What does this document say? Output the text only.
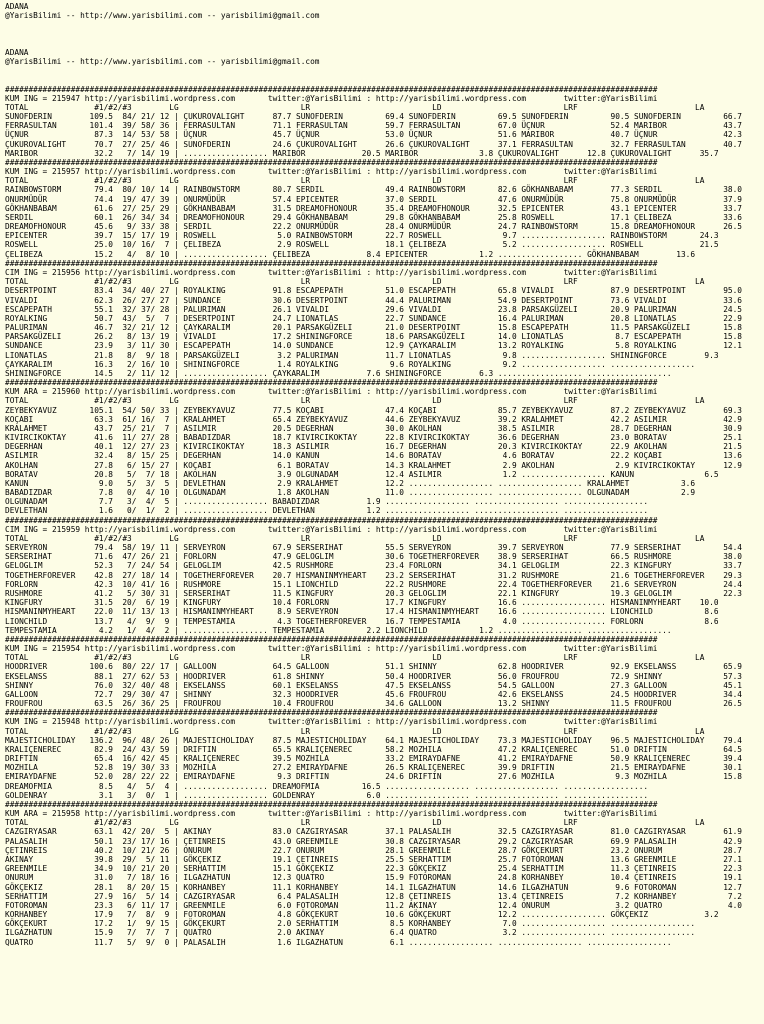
ADANA
@YarisBilimi -- http://www.yarisbilimi.com -- yarisbilimi@gmail.com

ADANA
@YarisBilimi -- http://www.yarisbilimi.com -- yarisbilimi@gmail.com

###########################################################################################################################################
KUM ING = 215947 http://yarisbilimi.wordpress.com       twitter:@YarisBilimi : http://yarisbilimi.wordpress.com        twitter:@YarisBilimi
TOTAL              #1/#2/#3        LG                          LR                          LD                          LRF                         LA
SUNOFDERIN        109.5  84/ 21/ 12 | ÇUKUROVALIGHT      87.7 SUNOFDERIN         69.4 SUNOFDERIN         69.5 SUNOFDERIN         90.5 SUNOFDERIN         66.7
FERRASULTAN       101.4  39/ 58/ 36 | FERRASULTAN        71.1 FERRASULTAN        59.7 FERRASULTAN        67.0 ÜÇNUR              52.4 MARIBOR            43.7
ÜÇNUR              87.3  14/ 53/ 58 | ÜÇNUR              45.7 ÜÇNUR              53.0 ÜÇNUR              51.6 MARIBOR            40.7 ÜÇNUR              42.3
ÇUKUROVALIGHT      70.7  27/ 25/ 46 | SUNOFDERIN         24.6 ÇUKUROVALIGHT      26.6 ÇUKUROVALIGHT      37.1 FERRASULTAN        32.7 FERRASULTAN        40.7
MARIBOR            32.2   7/ 14/ 19 | .................. MARIBOR            20.5 MARIBOR             3.8 ÇUKUROVALIGHT      12.8 ÇUKUROVALIGHT      35.7
###########################################################################################################################################
KUM ING = 215957 http://yarisbilimi.wordpress.com       twitter:@YarisBilimi : http://yarisbilimi.wordpress.com        twitter:@YarisBilimi
TOTAL              #1/#2/#3        LG                          LR                          LD                          LRF                         LA
RAINBOWSTORM       79.4  80/ 10/ 14 | RAINBOWSTORM       80.7 SERDIL             49.4 RAINBOWSTORM       82.6 GÖKHANBABAM        77.3 SERDIL             38.0
ONURMÜDÜR          74.4  19/ 47/ 39 | ONURMÜDÜR          57.4 EPICENTER          37.0 SERDIL             47.6 ONURMÜDÜR          75.8 ONURMÜDÜR          37.9
GÖKHANBABAM        61.6  27/ 25/ 29 | GÖKHANBABAM        31.5 DREAMOFHONOUR      35.4 DREAMOFHONOUR      32.5 EPICENTER          43.1 EPICENTER          33.7
SERDIL             60.1  26/ 34/ 34 | DREAMOFHONOUR      29.4 GÖKHANBABAM        29.8 GÖKHANBABAM        25.8 ROSWELL            17.1 ÇELIBEZA           33.6
DREAMOFHONOUR      45.6   9/ 33/ 38 | SERDIL             22.2 ONURMÜDÜR          28.4 ONURMÜDÜR          24.7 RAINBOWSTORM       15.8 DREAMOFHONOUR      26.5
EPICENTER          39.7  15/ 17/ 19 | ROSWELL             5.0 RAINBOWSTORM       22.7 ROSWELL             9.7 .................. RAINBOWSTORM       24.3
ROSWELL            25.0  10/ 16/  7 | ÇELIBEZA            2.9 ROSWELL            18.1 ÇELIBEZA            5.2 .................. ROSWELL            21.5
ÇELIBEZA           15.2   4/  8/ 10 | .................. ÇELIBEZA            8.4 EPICENTER           1.2 .................. GÖKHANBABAM        13.6
###########################################################################################################################################
CIM ING = 215956 http://yarisbilimi.wordpress.com       twitter:@YarisBilimi : http://yarisbilimi.wordpress.com        twitter:@YarisBilimi
TOTAL              #1/#2/#3        LG                          LR                          LD                          LRF                         LA
DESERTPOINT        83.4  34/ 40/ 27 | ROYALKING          91.8 ESCAPEPATH         51.0 ESCAPEPATH         65.8 VIVALDI            87.9 DESERTPOINT        95.0
VIVALDI            62.3  26/ 27/ 27 | SUNDANCE           30.6 DESERTPOINT        44.4 PALURIMAN          54.9 DESERTPOINT        73.6 VIVALDI            33.6
ESCAPEPATH         55.1  32/ 37/ 28 | PALURIMAN          26.1 VIVALDI            29.6 VIVALDI            23.8 PARSAKGÜZELI       20.9 PALURIMAN          24.5
ROYALKING          50.7  43/  5/  7 | DESERTPOINT        24.7 LIONATLAS          22.7 SUNDANCE           16.4 PALURIMAN          20.8 LIONATLAS          22.9
PALURIMAN          46.7  32/ 21/ 12 | ÇAYKARALIM         20.1 PARSAKGÜZELI       21.0 DESERTPOINT        15.8 ESCAPEPATH         11.5 PARSAKGÜZELI       15.8
PARSAKGÜZELI       26.2   8/ 13/ 19 | VIVALDI            17.2 SHININGFORCE       18.6 PARSAKGÜZELI       14.0 LIONATLAS           8.7 ESCAPEPATH         15.8
SUNDANCE           23.9   3/ 11/ 30 | ESCAPEPATH         14.0 SUNDANCE           12.9 ÇAYKARALIM         13.2 ROYALKING           5.8 ROYALKING          12.1
LIONATLAS          21.8   8/  9/ 18 | PARSAKGÜZELI        3.2 PALURIMAN          11.7 LIONATLAS           9.8 .................. SHININGFORCE        9.3
ÇAYKARALIM         16.3   2/ 16/ 10 | SHININGFORCE        1.4 ROYALKING           9.6 ROYALKING           9.2 .................. ..................
SHININGFORCE       14.5   2/ 11/ 12 | .................. ÇAYKARALIM          7.6 SHININGFORCE        6.3 .................. ..................
###########################################################################################################################################
KUM ARA = 215960 http://yarisbilimi.wordpress.com       twitter:@YarisBilimi : http://yarisbilimi.wordpress.com        twitter:@YarisBilimi
TOTAL              #1/#2/#3        LG                          LR                          LD                          LRF                         LA
ZEYBEKYAVUZ       105.1  54/ 50/ 33 | ZEYBEKYAVUZ        77.5 KOÇABI             47.4 KOÇABI             85.7 ZEYBEKYAVUZ        87.2 ZEYBEKYAVUZ        69.3
KOÇABI             63.3  61/ 16/  7 | KRALAHMET          65.4 ZEYBEKYAVUZ        44.6 ZEYBEKYAVUZ        39.2 KRALAHMET          42.2 ASILMIR            42.9
KRALAHMET          43.7  25/ 21/  7 | ASILMIR            20.5 DEGERHAN           30.0 AKOLHAN            38.5 ASILMIR            28.7 DEGERHAN           30.9
KIVIRCIKOKTAY      41.6  11/ 27/ 28 | BABADIZDAR         18.7 KIVIRCIKOKTAY      22.8 KIVIRCIKOKTAY      36.6 DEGERHAN           23.0 BORATAV            25.1
DEGERHAN           40.1  12/ 27/ 23 | KIVIRCIKOKTAY      18.3 ASILMIR            16.7 DEGERHAN           20.3 KIVIRCIKOKTAY      22.9 AKOLHAN            21.5
ASILMIR            32.4   8/ 15/ 25 | DEGERHAN           14.0 KANUN              14.6 BORATAV             4.6 BORATAV            22.2 KOÇABI             13.6
AKOLHAN            27.8   6/ 15/ 27 | KOÇABI              6.1 BORATAV            14.3 KRALAHMET           2.9 AKOLHAN             2.9 KIVIRCIKOKTAY      12.9
BORATAV            20.8   5/  7/ 18 | AKOLHAN             3.9 OLGUNADAM          12.4 ASILMIR             1.2 .................. KANUN               6.5
KANUN               9.0   5/  3/  5 | DEVLETHAN           2.9 KRALAHMET          12.2 .................. .................. KRALAHMET           3.6
BABADIZDAR          7.8   0/  4/ 10 | OLGUNADAM           1.8 AKOLHAN            11.0 .................. .................. OLGUNADAM           2.9
OLGUNADAM           7.7   3/  4/  5 | .................. BABADIZDAR          1.9 .................. .................. ..................
DEVLETHAN           1.6   0/  1/  2 | .................. DEVLETHAN           1.2 .................. .................. ..................
###########################################################################################################################################
CIM ING = 215959 http://yarisbilimi.wordpress.com       twitter:@YarisBilimi : http://yarisbilimi.wordpress.com        twitter:@YarisBilimi
TOTAL              #1/#2/#3        LG                          LR                          LD                          LRF                         LA
SERVEYRON          79.4  58/ 19/ 11 | SERVEYRON          67.9 SERSERIHAT         55.5 SERVEYRON          39.7 SERVEYRON          77.9 SERSERIHAT         54.4
SERSERIHAT         71.6  47/ 26/ 21 | FORLORN            47.9 GELOGLIM           30.6 TOGETHERFOREVER    38.9 SERSERIHAT         66.5 RUSHMORE           38.0
GELOGLIM           52.3   7/ 24/ 54 | GELOGLIM           42.5 RUSHMORE           23.4 FORLORN            34.1 GELOGLIM           22.3 KINGFURY           33.7
TOGETHERFOREVER    42.8  27/ 18/ 14 | TOGETHERFOREVER    20.7 HISMANINMYHEART    23.2 SERSERIHAT         31.2 RUSHMORE           21.6 TOGETHERFOREVER    29.3
FORLORN            42.3  10/ 41/ 16 | RUSHMORE           15.1 LIONCHILD          22.2 RUSHMORE           22.4 TOGETHERFOREVER    21.6 SERVEYRON          24.4
RUSHMORE           41.2   5/ 30/ 31 | SERSERIHAT         11.5 KINGFURY           20.3 GELOGLIM           22.1 KINGFURY           19.3 GELOGLIM           22.3
KINGFURY           31.5  20/  6/ 19 | KINGFURY           10.4 FORLORN            17.7 KINGFURY           16.6 .................. HISMANINMYHEART    10.0
HISMANINMYHEART    22.0  11/ 13/ 13 | HISMANINMYHEART     8.9 SERVEYRON          17.4 HISMANINMYHEART    16.6 .................. LIONCHILD           8.6
LIONCHILD          13.7   4/  9/  9 | TEMPESTAMIA         4.3 TOGETHERFOREVER    16.7 TEMPESTAMIA         4.0 .................. FORLORN             8.6
TEMPESTAMIA         4.2   1/  4/  2 | .................. TEMPESTAMIA         2.2 LIONCHILD           1.2 .................. ..................
###########################################################################################################################################
KUM ING = 215954 http://yarisbilimi.wordpress.com       twitter:@YarisBilimi : http://yarisbilimi.wordpress.com        twitter:@YarisBilimi
TOTAL              #1/#2/#3        LG                          LR                          LD                          LRF                         LA
HOODRIVER         100.6  80/ 22/ 17 | GALLOON            64.5 GALLOON            51.1 SHINNY             62.8 HOODRIVER          92.9 EKSELANSS          65.9
EKSELANSS          88.1  27/ 62/ 53 | HOODRIVER          61.8 SHINNY             50.4 HOODRIVER          56.0 FROUFROU           72.9 SHINNY             57.3
SHINNY             76.0  32/ 40/ 48 | EKSELANSS          60.1 EKSELANSS          47.5 EKSELANSS          54.5 GALLOON            27.3 GALLOON            45.1
GALLOON            72.7  29/ 30/ 47 | SHINNY             32.3 HOODRIVER          45.6 FROUFROU           42.6 EKSELANSS          24.5 HOODRIVER          34.4
FROUFROU           63.5  26/ 36/ 25 | FROUFROU           10.4 FROUFROU           34.6 GALLOON            13.2 SHINNY             11.5 FROUFROU           26.5
###########################################################################################################################################
KUM ING = 215948 http://yarisbilimi.wordpress.com       twitter:@YarisBilimi : http://yarisbilimi.wordpress.com        twitter:@YarisBilimi
TOTAL              #1/#2/#3        LG                          LR                          LD                          LRF                         LA
MAJESTICHOLIDAY   136.2  96/ 48/ 26 | MAJESTICHOLIDAY    87.5 MAJESTICHOLIDAY    64.1 MAJESTICHOLIDAY    73.3 MAJESTICHOLIDAY    96.5 MAJESTICHOLIDAY    79.4
KRALIÇENEREC       82.9  24/ 43/ 59 | DRIFTIN            65.5 KRALIÇENEREC       58.2 MOZHILA            47.2 KRALIÇENEREC       51.0 DRIFTIN            64.5
DRIFTIN            65.4  16/ 42/ 45 | KRALIÇENEREC       39.5 MOZHILA            33.2 EMIRAYDAFNE        41.2 EMIRAYDAFNE        50.9 KRALIÇENEREC       39.4
MOZHILA            52.8  19/ 30/ 33 | MOZHILA            27.2 EMIRAYDAFNE        26.5 KRALIÇENEREC       39.9 DRIFTIN            21.5 EMIRAYDAFNE        30.1
EMIRAYDAFNE        52.0  28/ 22/ 22 | EMIRAYDAFNE         9.3 DRIFTIN            24.6 DRIFTIN            27.6 MOZHILA             9.3 MOZHILA            15.8
DREAMOFMIA          8.5   4/  5/  4 | .................. DREAMOFMIA         16.5 .................. .................. ..................
GOLDENRAY           3.1   3/  0/  1 | .................. GOLDENRAY           6.0 .................. .................. ..................
###########################################################################################################################################
KUM ARA = 215958 http://yarisbilimi.wordpress.com       twitter:@YarisBilimi : http://yarisbilimi.wordpress.com        twitter:@YarisBilimi
TOTAL              #1/#2/#3        LG                          LR                          LD                          LRF                         LA
CAZGIRYASAR        63.1  42/ 20/  5 | AKINAY             83.0 CAZGIRYASAR        37.1 PALASALIH          32.5 CAZGIRYASAR        81.0 CAZGIRYASAR        61.9
PALASALIH          50.1  23/ 17/ 16 | ÇETINREIS          43.0 GREENMILE          30.8 CAZGIRYASAR        29.2 CAZGIRYASAR        69.9 PALASALIH          42.9
ÇETINREIS          40.2  10/ 21/ 26 | ONURUM             22.7 ONURUM             28.1 GREENMILE          28.7 GÖKÇEKURT          23.2 ONURUM             28.7
AKINAY             39.8  29/  5/ 11 | GÖKÇEKIZ           19.1 ÇETINREIS          25.5 SERHATTIM          25.7 FOTOROMAN          13.6 GREENMILE          27.1
GREENMILE          34.9  10/ 21/ 20 | SERHATTIM          15.1 GÖKÇEKIZ           22.3 GÖKÇEKIZ           25.4 SERHATTIM          11.3 ÇETINREIS          22.3
ONURUM             31.0   7/ 18/ 16 | ILGAZHATUN         12.3 QUATRO             15.9 FOTOROMAN          24.8 KORHANBEY          10.4 ÇETINREIS          19.1
GÖKÇEKIZ           28.1   8/ 20/ 15 | KORHANBEY          11.1 KORHANBEY          14.1 ILGAZHATUN         14.6 ILGAZHATUN          9.6 FOTOROMAN          12.7
SERHATTIM          27.9  16/  5/ 14 | CAZGIRYASAR         6.4 PALASALIH          12.8 ÇETINREIS          13.4 ÇETINREIS           7.2 KORHANBEY           7.2
FOTOROMAN          23.3   6/ 11/ 17 | GREENMILE           6.0 FOTOROMAN          11.2 AKINAY             12.4 ONURUM              3.2 QUATRO              4.0
KORHANBEY          17.9   7/  8/  9 | FOTOROMAN           4.8 GÖKÇEKURT          10.6 GÖKÇEKURT          12.2 .................. GÖKÇEKIZ            3.2
GÖKÇEKURT          17.2   1/  9/ 15 | GÖKÇEKURT           2.0 SERHATTIM           8.5 KORHANBEY           7.0 .................. ..................
ILGAZHATUN         15.9   7/  7/  7 | QUATRO              2.0 AKINAY              6.4 QUATRO              3.2 .................. ..................
QUATRO             11.7   5/  9/  0 | PALASALIH           1.6 ILGAZHATUN          6.1 .................. .................. ..................
